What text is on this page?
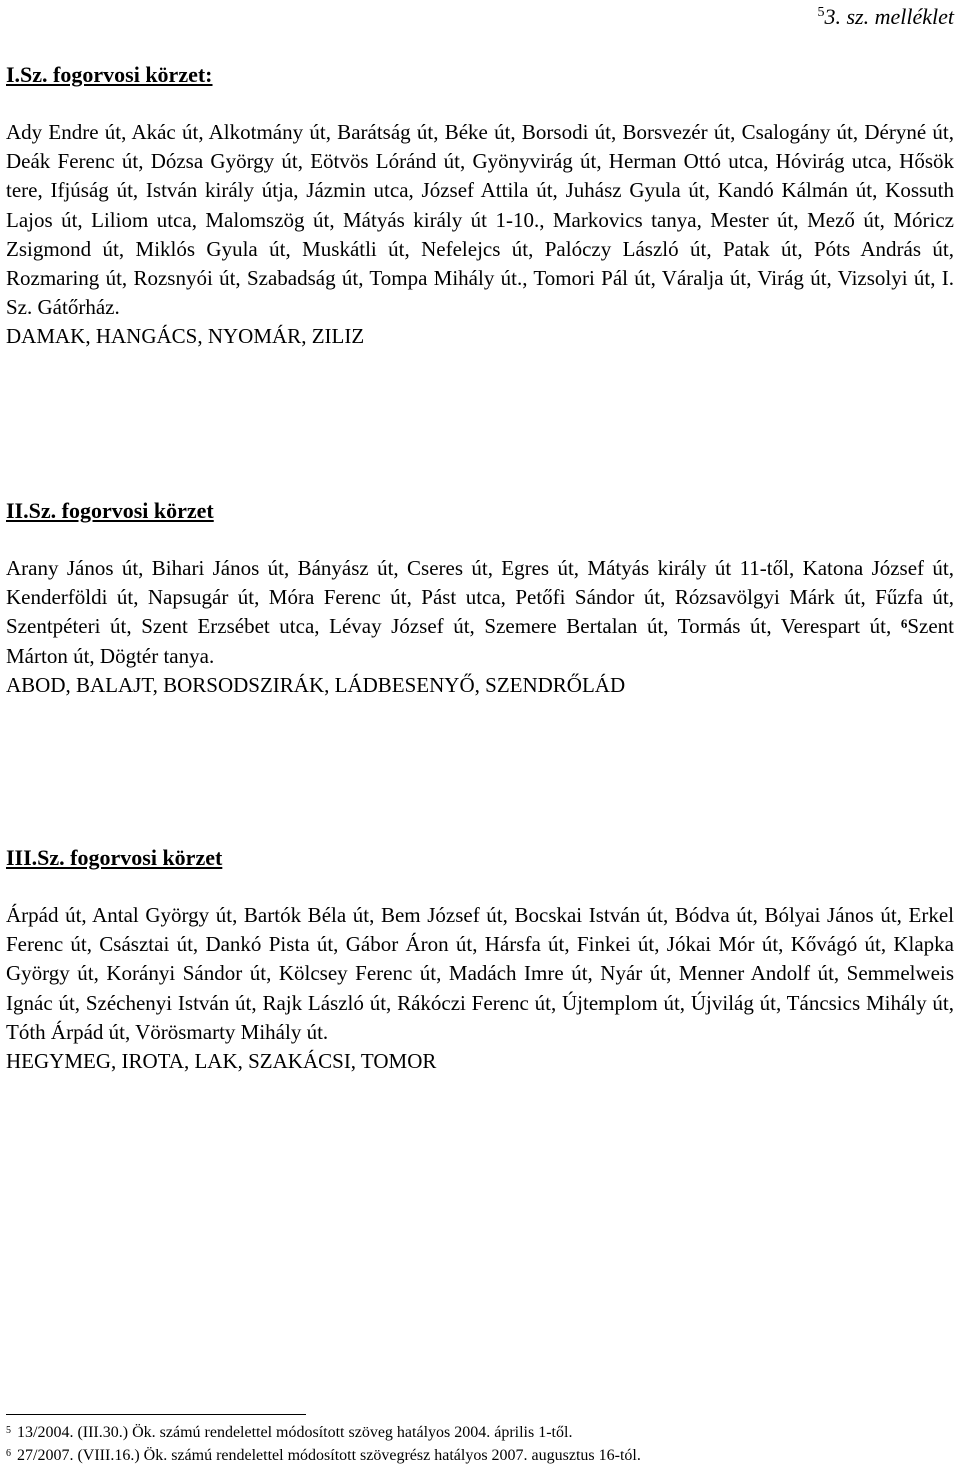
$^5$3. sz. melléklet

I.Sz. fogorvosi körzet:

Ady Endre út, Akác út, Alkotmány út, Barátság út, Béke út, Borsodi út, Borsvezér út, Csalogány út, Déryné út, Deák Ferenc út, Dózsa György út, Eötvös Lóránd út, Gyönyvirág út, Herman Ottó utca, Hóvirág utca, Hősök tere, Ifjúság út, István király útja, Jázmin utca, József Attila út, Juhász Gyula út, Kandó Kálmán út, Kossuth Lajos út, Liliom utca, Malomszög út, Mátyás király út 1-10., Markovics tanya, Mester út, Mező út, Móricz Zsigmond út, Miklós Gyula út, Muskátli út, Nefelejcs út, Palóczy László út, Patak út, Póts András út, Rozmaring út, Rozsnyói út, Szabadság út, Tompa Mihály út., Tomori Pál út, Váralja út, Virág út, Vizsolyi út, I. Sz. Gátőrház.

DAMAK, HANGÁCS, NYOMÁR, ZILIZ

II.Sz. fogorvosi körzet

Arany János út, Bihari János út, Bányász út, Cseres út, Egres út, Mátyás király út 11-től, Katona József út, Kenderföldi út, Napsugár út, Móra Ferenc út, Pást utca, Petőfi Sándor út, Rózsavölgyi Márk út, Fűzfa út, Szentpéteri út, Szent Erzsébet utca, Lévay József út, Szemere Bertalan út, Tormás út, Verespart út, $^6$Szent Márton út, Dögtér tanya.

ABOD, BALAJT, BORSODSZIRÁK, LÁDBESENYŐ, SZENDRŐLÁD

III.Sz. fogorvosi körzet

Árpád út, Antal György út, Bartók Béla út, Bem József út, Bocskai István út, Bódva út, Bólyai János út, Erkel Ferenc út, Császtai út, Dankó Pista út, Gábor Áron út, Hársfa út, Finkei út, Jókai Mór út, Kővágó út, Klapka György út, Korányi Sándor út, Kölcsey Ferenc út, Madách Imre út, Nyár út, Menner Andolf út, Semmelweis Ignác út, Széchenyi István út, Rajk László út, Rákóczi Ferenc út, Újtemplom út, Újvilág út, Táncsics Mihály út, Tóth Árpád út, Vörösmarty Mihály út.

HEGYMEG, IROTA, LAK, SZAKÁCSI, TOMOR

$^5$ 13/2004. (III.30.) Ök. számú rendelettel módosított szöveg hatályos 2004. április 1-től.

$^6$ 27/2007. (VIII.16.) Ök. számú rendelettel módosított szövegrész hatályos 2007. augusztus 16-tól.
